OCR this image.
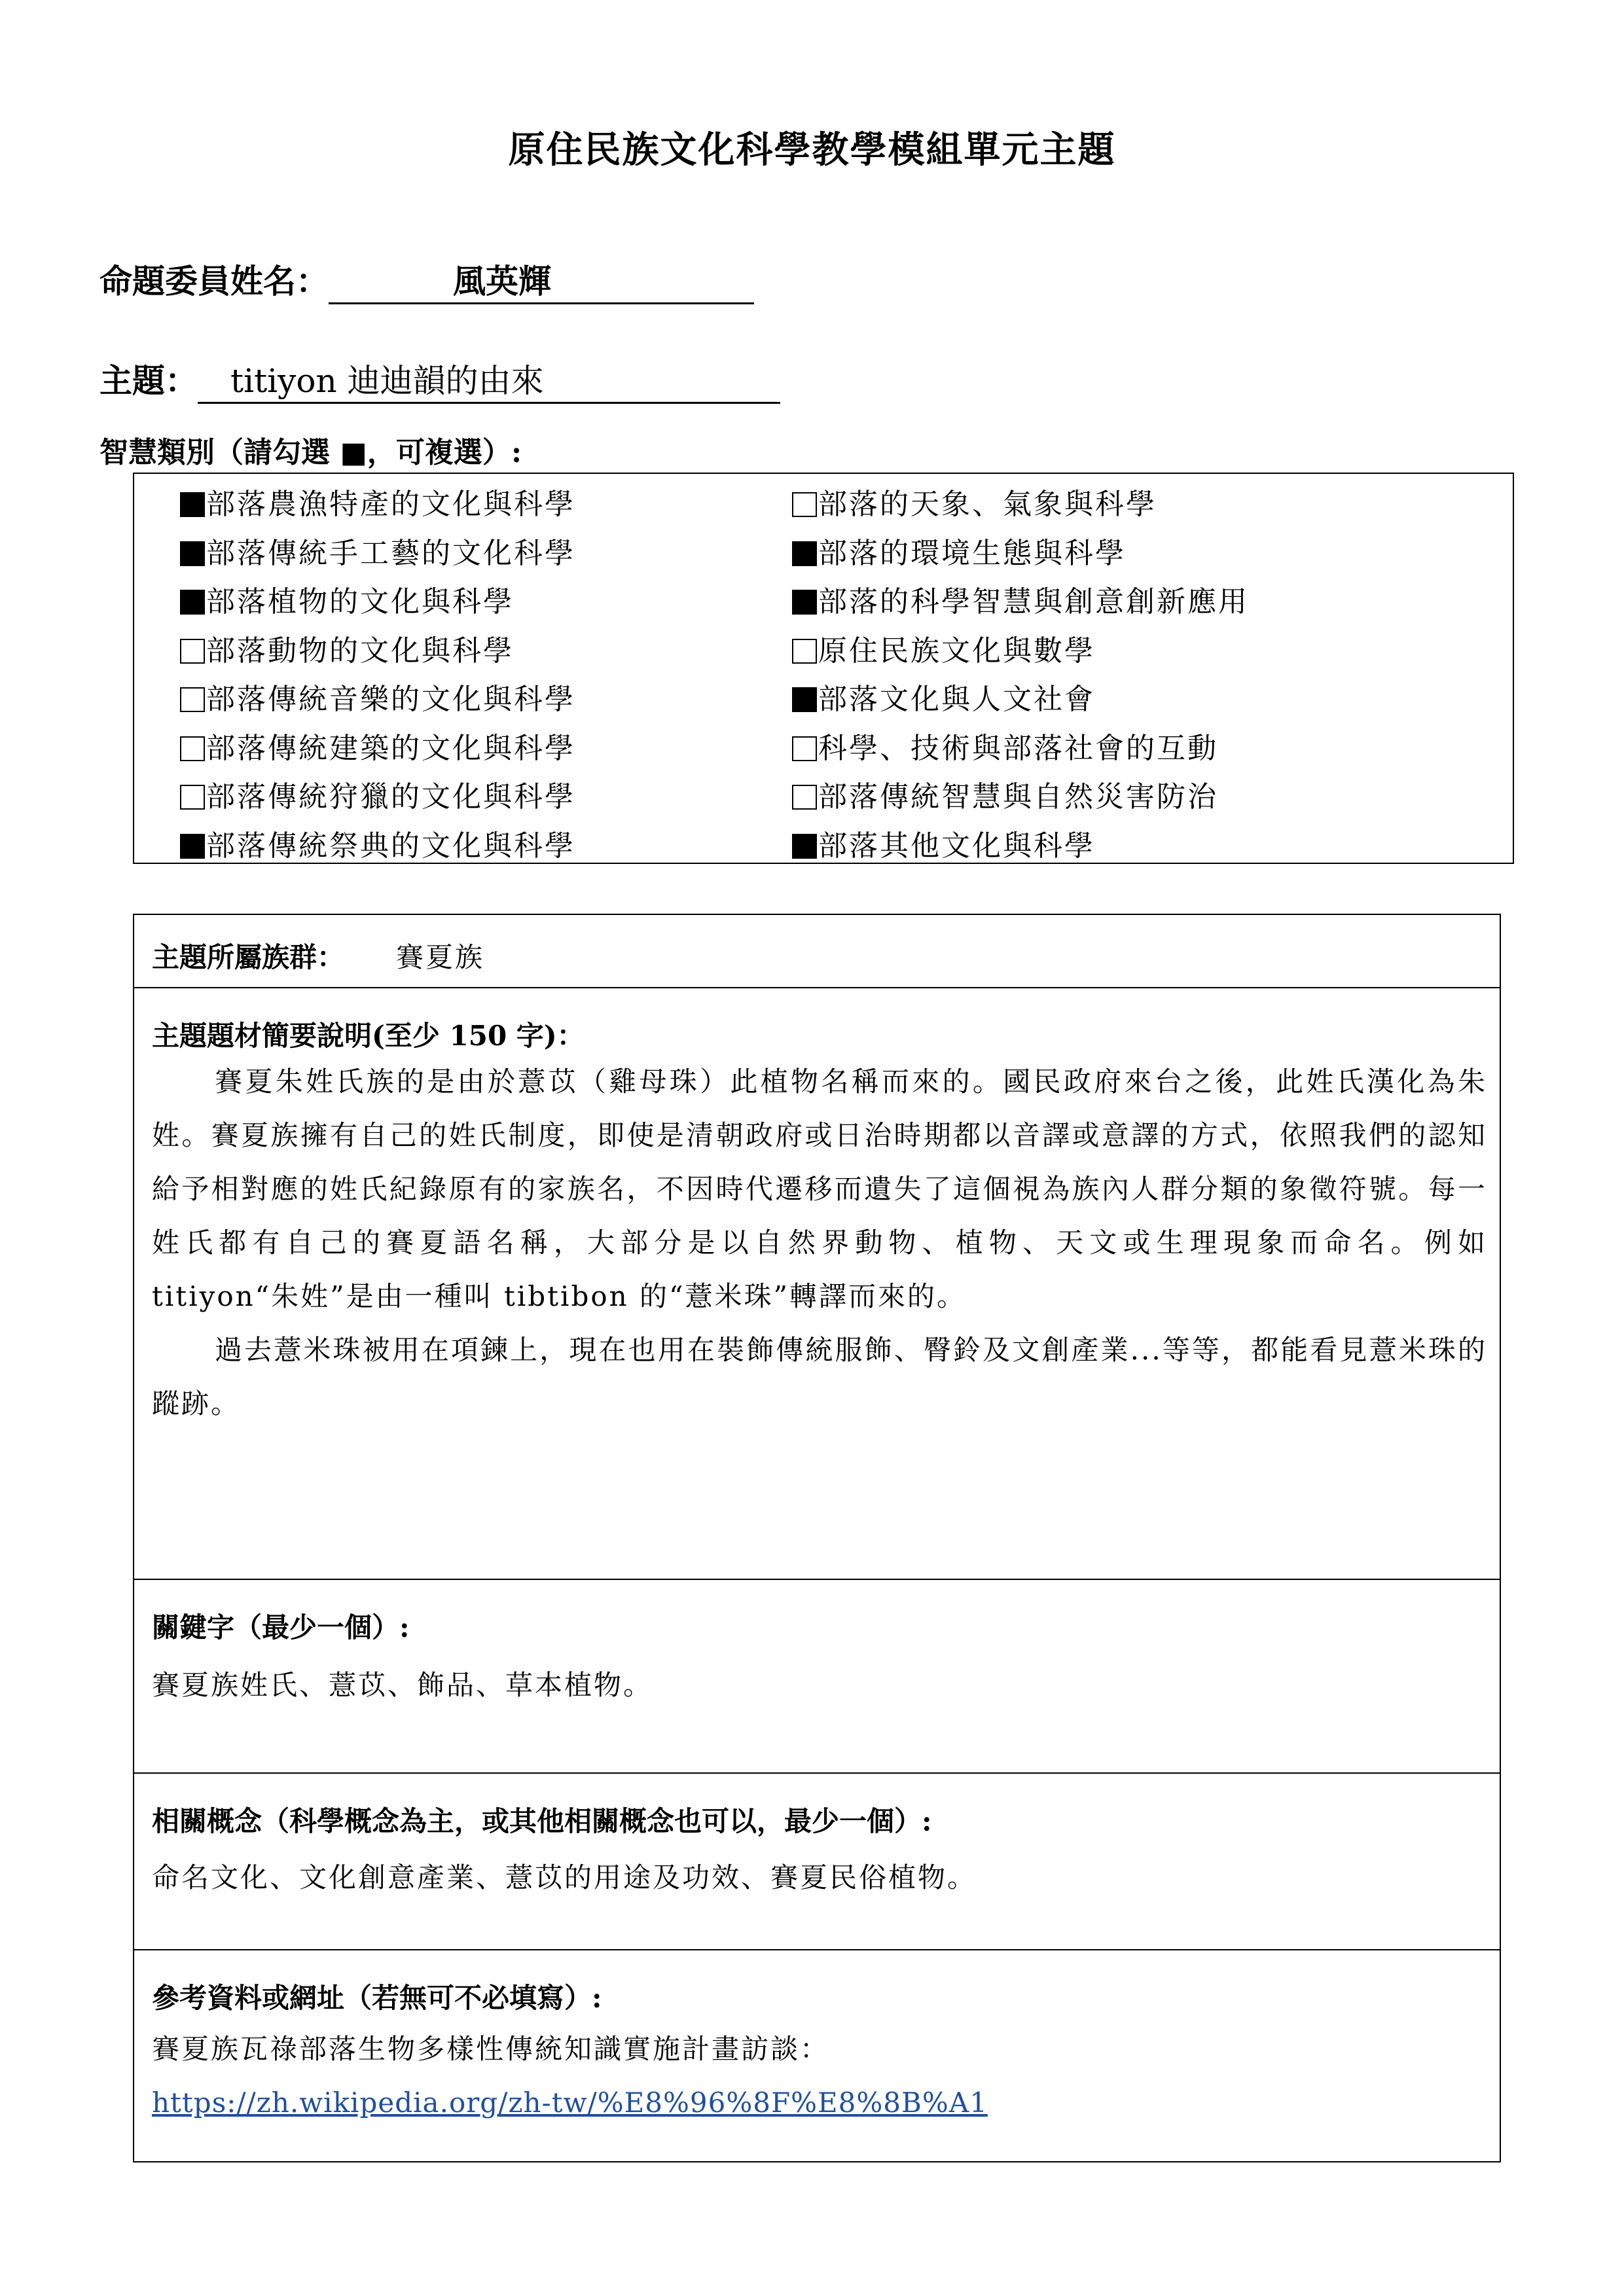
原住民族文化科學教學模組單元主題
命題委員姓名：	風英輝
主題： titiyon 迪迪韻的由來
智慧類別（請勾選 ■，可複選）:
部落農漁特產的文化與科學
部落傳統手工藝的文化科學
部落植物的文化與科學
部落動物的文化與科學
部落傳統音樂的文化與科學
部落傳統建築的文化與科學
部落傳統狩獵的文化與科學
部落傳統祭典的文化與科學
部落的天象、氣象與科學
部落的環境生態與科學
部落的科學智慧與創意創新應用
原住民族文化與數學
部落文化與人文社會
科學、技術與部落社會的互動
部落傳統智慧與自然災害防治
部落其他文化與科學
主題所屬族群： 賽夏族
主題題材簡要說明(至少 150 字)：
賽夏朱姓氏族的是由於薏苡（雞母珠）此植物名稱而來的。國民政府來台之後，此姓氏漢化為朱姓。賽夏族擁有自己的姓氏制度，即使是清朝政府或日治時期都以音譯或意譯的方式，依照我們的認知給予相對應的姓氏紀錄原有的家族名，不因時代遷移而遺失了這個視為族內人群分類的象徵符號。每一姓氏都有自己的賽夏語名稱，大部分是以自然界動物、植物、天文或生理現象而命名。例如 titiyon“朱姓”是由一種叫 tibtibon 的“薏米珠”轉譯而來的。
過去薏米珠被用在項鍊上，現在也用在裝飾傳統服飾、臀鈴及文創產業...等等，都能看見薏米珠的蹤跡。
關鍵字（最少一個）:
賽夏族姓氏、薏苡、飾品、草本植物。
相關概念（科學概念為主，或其他相關概念也可以，最少一個）:
命名文化、文化創意產業、薏苡的用途及功效、賽夏民俗植物。
參考資料或網址（若無可不必填寫）:
賽夏族瓦祿部落生物多樣性傳統知識實施計畫訪談：
https://zh.wikipedia.org/zh-tw/%E8%96%8F%E8%8B%A1
